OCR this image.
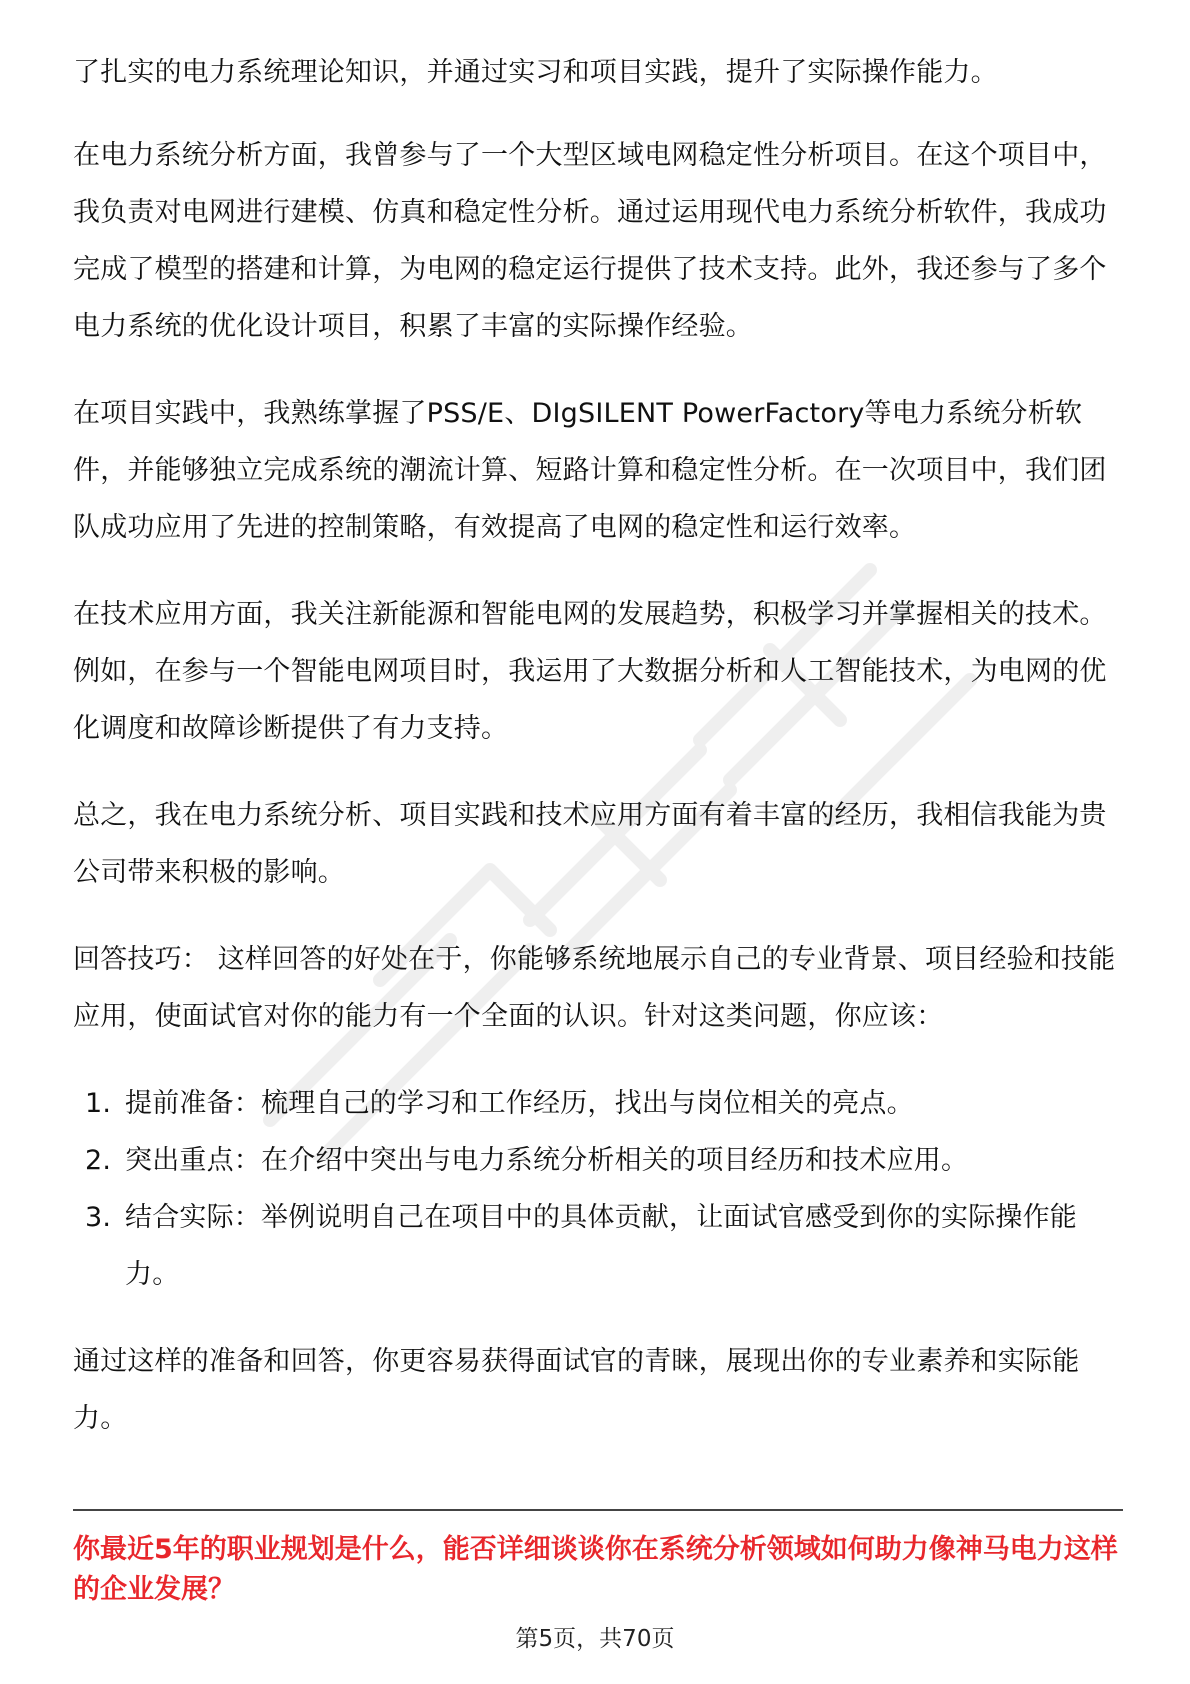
了扎实的电力系统理论知识，并通过实习和项目实践，提升了实际操作能力。

在电力系统分析方面，我曾参与了一个大型区域电网稳定性分析项目。在这个项目中，我负责对电网进行建模、仿真和稳定性分析。通过运用现代电力系统分析软件，我成功完成了模型的搭建和计算，为电网的稳定运行提供了技术支持。此外，我还参与了多个电力系统的优化设计项目，积累了丰富的实际操作经验。

在项目实践中，我熟练掌握了PSS/E、DIgSILENT PowerFactory等电力系统分析软件，并能够独立完成系统的潮流计算、短路计算和稳定性分析。在一次项目中，我们团队成功应用了先进的控制策略，有效提高了电网的稳定性和运行效率。

在技术应用方面，我关注新能源和智能电网的发展趋势，积极学习并掌握相关的技术。例如，在参与一个智能电网项目时，我运用了大数据分析和人工智能技术，为电网的优化调度和故障诊断提供了有力支持。

总之，我在电力系统分析、项目实践和技术应用方面有着丰富的经历，我相信我能为贵公司带来积极的影响。

回答技巧： 这样回答的好处在于，你能够系统地展示自己的专业背景、项目经验和技能应用，使面试官对你的能力有一个全面的认识。针对这类问题，你应该：

1. 提前准备：梳理自己的学习和工作经历，找出与岗位相关的亮点。
2. 突出重点：在介绍中突出与电力系统分析相关的项目经历和技术应用。
3. 结合实际：举例说明自己在项目中的具体贡献，让面试官感受到你的实际操作能力。

通过这样的准备和回答，你更容易获得面试官的青睐，展现出你的专业素养和实际能力。

你最近5年的职业规划是什么，能否详细谈谈你在系统分析领域如何助力像神马电力这样的企业发展？
第5页，共70页
